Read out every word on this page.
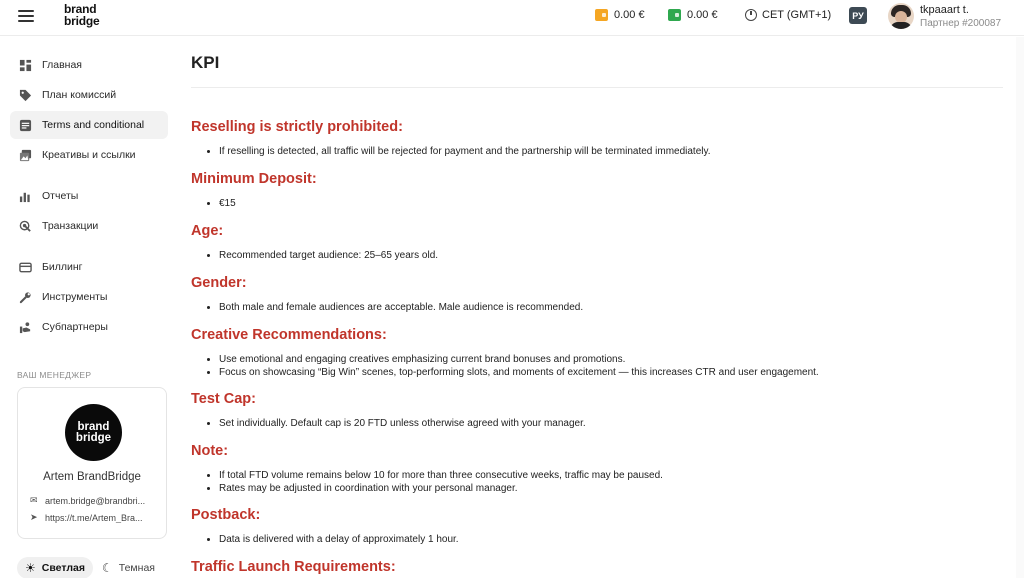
brand
bridge	0.00 €	0.00 €	CET (GMT+1)	РУ	tkpaaart t.
Партнер #200087
Главная
План комиссий
Terms and conditional
Креативы и ссылки
Отчеты
Транзакции
Биллинг
Инструменты
Субпартнеры
ВАШ МЕНЕДЖЕР
brand
bridge
Artem BrandBridge
✉ artem.bridge@brandbri...
➤ https://t.me/Artem_Bra...
☀ Светлая ☾ Темная
KPI
Reselling is strictly prohibited:
• If reselling is detected, all traffic will be rejected for payment and the partnership will be terminated immediately.
Minimum Deposit:
• €15
Age:
• Recommended target audience: 25–65 years old.
Gender:
• Both male and female audiences are acceptable. Male audience is recommended.
Creative Recommendations:
• Use emotional and engaging creatives emphasizing current brand bonuses and promotions.
• Focus on showcasing “Big Win” scenes, top-performing slots, and moments of excitement — this increases CTR and user engagement.
Test Cap:
• Set individually. Default cap is 20 FTD unless otherwise agreed with your manager.
Note:
• If total FTD volume remains below 10 for more than three consecutive weeks, traffic may be paused.
• Rates may be adjusted in coordination with your personal manager.
Postback:
• Data is delivered with a delay of approximately 1 hour.
Traffic Launch Requirements:
